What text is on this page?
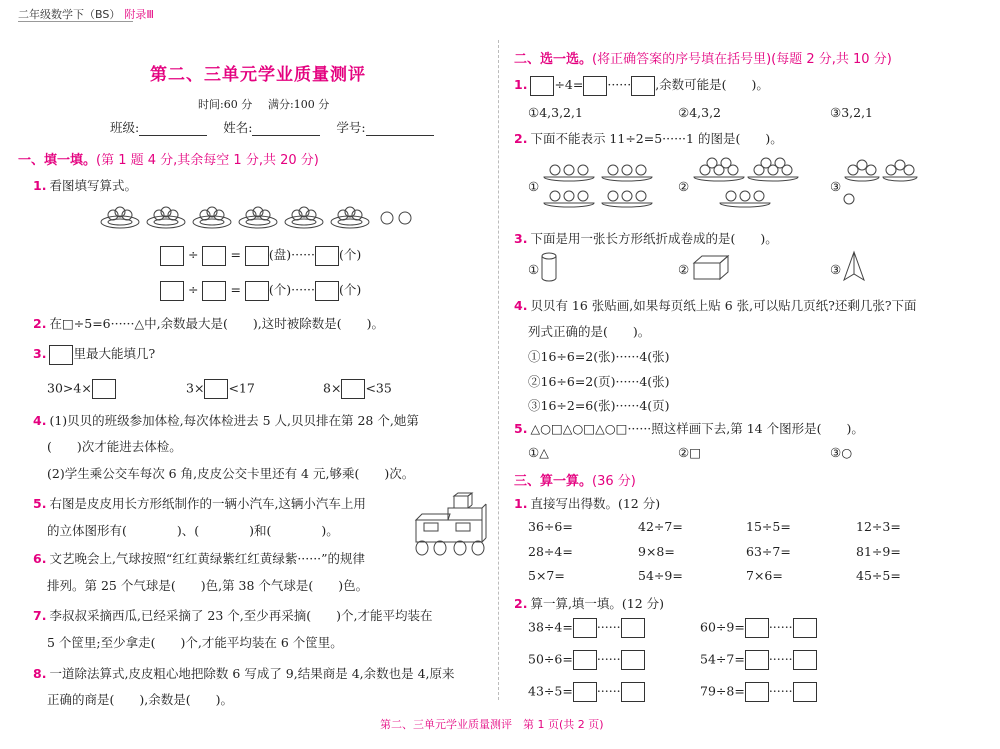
二年级数学下（BS） 附录Ⅲ
第二、三单元学业质量测评
时间:60 分 满分:100 分
班级:	姓名:	学号:
一、填一填。(第 1 题 4 分,其余每空 1 分,共 20 分)
1. 看图填写算式。
÷	= (盘)······ (个)
÷	= (个)······ (个)
2. 在□÷5=6······△中,余数最大是(　　),这时被除数是(　　)。
3. 里最大能填几?
30>4×	3× <17	8× <35
4. (1)贝贝的班级参加体检,每次体检进去 5 人,贝贝排在第 28 个,她第
(　　)次才能进去体检。
(2)学生乘公交车每次 6 角,皮皮公交卡里还有 4 元,够乘(　　)次。
5. 右图是皮皮用长方形纸制作的一辆小汽车,这辆小汽车上用
的立体图形有(　　　　)、(　　　　)和(　　　　)。
6. 文艺晚会上,气球按照“红红黄绿紫红红黄绿紫······”的规律
排列。第 25 个气球是(　　)色,第 38 个气球是(　　)色。
7. 李叔叔采摘西瓜,已经采摘了 23 个,至少再采摘(　　)个,才能平均装在
5 个筐里;至少拿走(　　)个,才能平均装在 6 个筐里。
8. 一道除法算式,皮皮粗心地把除数 6 写成了 9,结果商是 4,余数也是 4,原来
正确的商是(　　),余数是(　　)。
二、选一选。(将正确答案的序号填在括号里)(每题 2 分,共 10 分)
1. ÷4= ······ ,余数可能是(　　)。
①4,3,2,1	②4,3,2	③3,2,1
2. 下面不能表示 11÷2=5······1 的图是(　　)。
①	②	③
3. 下面是用一张长方形纸折成卷成的是(　　)。
①	②	③
4. 贝贝有 16 张贴画,如果每页纸上贴 6 张,可以贴几页纸?还剩几张?下面
列式正确的是(　　)。
①16÷6=2(张)······4(张)
②16÷6=2(页)······4(张)
③16÷2=6(张)······4(页)
5. △○□△○□△○□······照这样画下去,第 14 个图形是(　　)。
①△	②□	③○
三、算一算。(36 分)
1. 直接写出得数。(12 分)
36÷6=	42÷7=	15÷5=	12÷3=
28÷4=	9×8=	63÷7=	81÷9=
5×7=	54÷9=	7×6=	45÷5=
2. 算一算,填一填。(12 分)
38÷4= ······	60÷9= ······
50÷6= ······	54÷7= ······
43÷5= ······	79÷8= ······
第二、三单元学业质量测评　第 1 页(共 2 页)
